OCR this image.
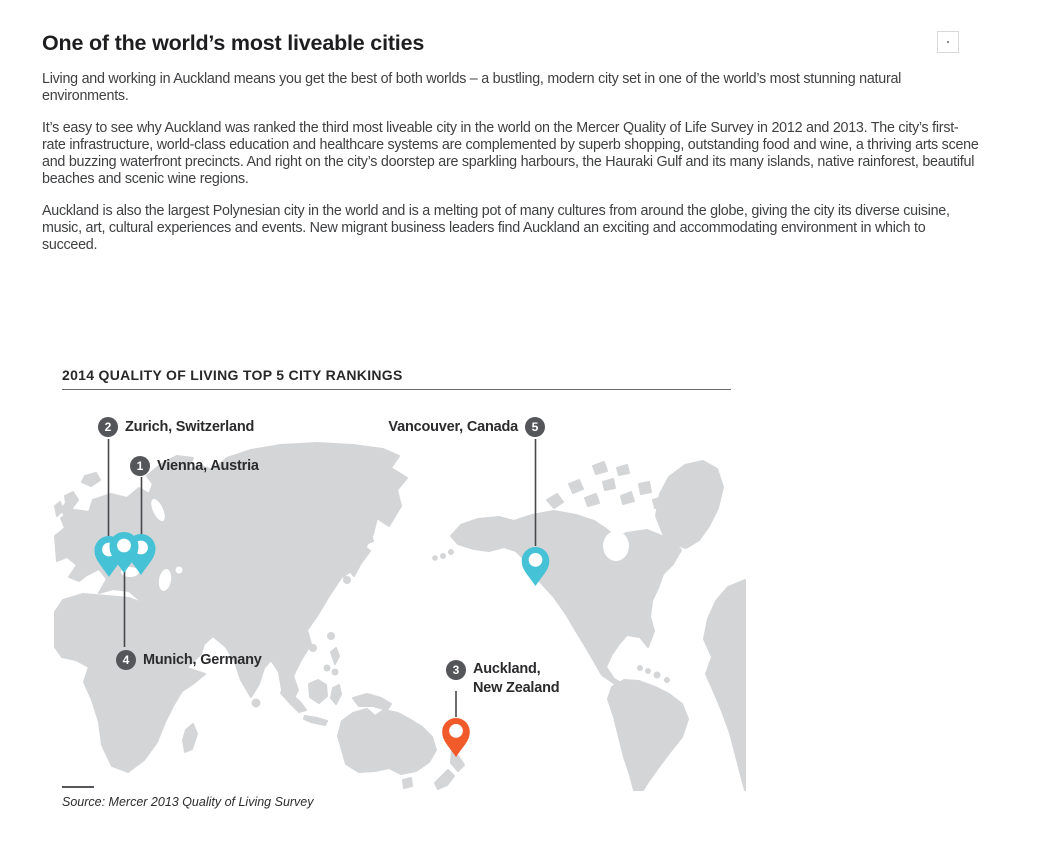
One of the world’s most liveable cities

Living and working in Auckland means you get the best of both worlds – a bustling, modern city set in one of the world’s most stunning natural environments.

It’s easy to see why Auckland was ranked the third most liveable city in the world on the Mercer Quality of Life Survey in 2012 and 2013. The city’s first-rate infrastructure, world-class education and healthcare systems are complemented by superb shopping, outstanding food and wine, a thriving arts scene and buzzing waterfront precincts. And right on the city’s doorstep are sparkling harbours, the Hauraki Gulf and its many islands, native rainforest, beautiful beaches and scenic wine regions.

Auckland is also the largest Polynesian city in the world and is a melting pot of many cultures from around the globe, giving the city its diverse cuisine, music, art, cultural experiences and events. New migrant business leaders find Auckland an exciting and accommodating environment in which to succeed.

2014 QUALITY OF LIVING TOP 5 CITY RANKINGS
2 Zurich, Switzerland
1 Vienna, Austria
Vancouver, Canada	5
4 Munich, Germany
3 Auckland,
New Zealand
Source: Mercer 2013 Quality of Living Survey
